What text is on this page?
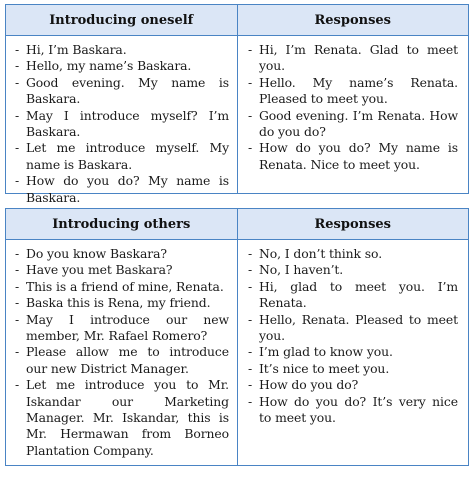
Introducing oneself	Responses
- Hi, I’m Baskara.
- Hello, my name’s Baskara.
- Good evening. My name is Baskara.
- May I introduce myself? I’m Baskara.
- Let me introduce myself. My name is Baskara.
- How do you do? My name is Baskara.
- Hi, I’m Renata. Glad to meet you.
- Hello. My name’s Renata. Pleased to meet you.
- Good evening. I’m Renata. How do you do?
- How do you do? My name is Renata. Nice to meet you.
Introducing others	Responses
- Do you know Baskara?
- Have you met Baskara?
- This is a friend of mine, Renata.
- Baska this is Rena, my friend.
- May I introduce our new member, Mr. Rafael Romero?
- Please allow me to introduce our new District Manager.
- Let me introduce you to Mr. Iskandar our Marketing Manager. Mr. Iskandar, this is Mr. Hermawan from Borneo Plantation Company.
- No, I don’t think so.
- No, I haven’t.
- Hi, glad to meet you. I’m Renata.
- Hello, Renata. Pleased to meet you.
- I’m glad to know you.
- It’s nice to meet you.
- How do you do?
- How do you do? It’s very nice to meet you.
